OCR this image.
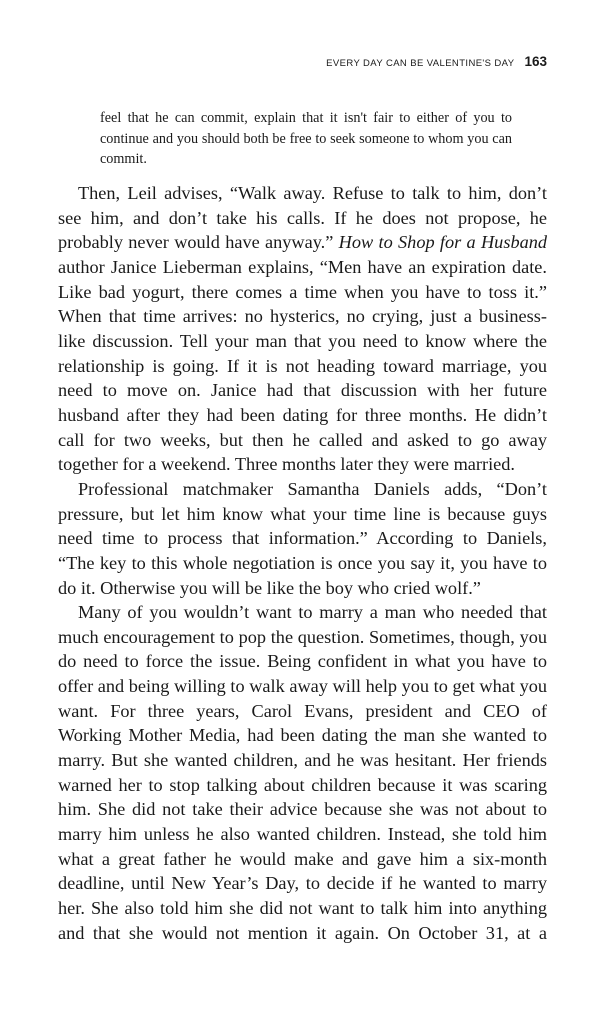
EVERY DAY CAN BE VALENTINE'S DAY 163

feel that he can commit, explain that it isn't fair to either of you to continue and you should both be free to seek someone to whom you can commit.

Then, Leil advises, “Walk away. Refuse to talk to him, don’t see him, and don’t take his calls. If he does not propose, he probably never would have anyway.” How to Shop for a Husband author Janice Lieberman explains, “Men have an expiration date. Like bad yogurt, there comes a time when you have to toss it.” When that time arrives: no hysterics, no crying, just a business-like discussion. Tell your man that you need to know where the relationship is going. If it is not heading toward marriage, you need to move on. Janice had that discussion with her future husband after they had been dating for three months. He didn’t call for two weeks, but then he called and asked to go away together for a weekend. Three months later they were married.

Professional matchmaker Samantha Daniels adds, “Don’t pressure, but let him know what your time line is because guys need time to process that information.” According to Daniels, “The key to this whole negotiation is once you say it, you have to do it. Otherwise you will be like the boy who cried wolf.”

Many of you wouldn’t want to marry a man who needed that much encouragement to pop the question. Sometimes, though, you do need to force the issue. Being confident in what you have to offer and being willing to walk away will help you to get what you want. For three years, Carol Evans, president and CEO of Working Mother Media, had been dating the man she wanted to marry. But she wanted children, and he was hesitant. Her friends warned her to stop talking about children because it was scaring him. She did not take their advice because she was not about to marry him unless he also wanted children. Instead, she told him what a great father he would make and gave him a six-month deadline, until New Year’s Day, to decide if he wanted to marry her. She also told him she did not want to talk him into anything and that she would not mention it again. On October 31, at a
